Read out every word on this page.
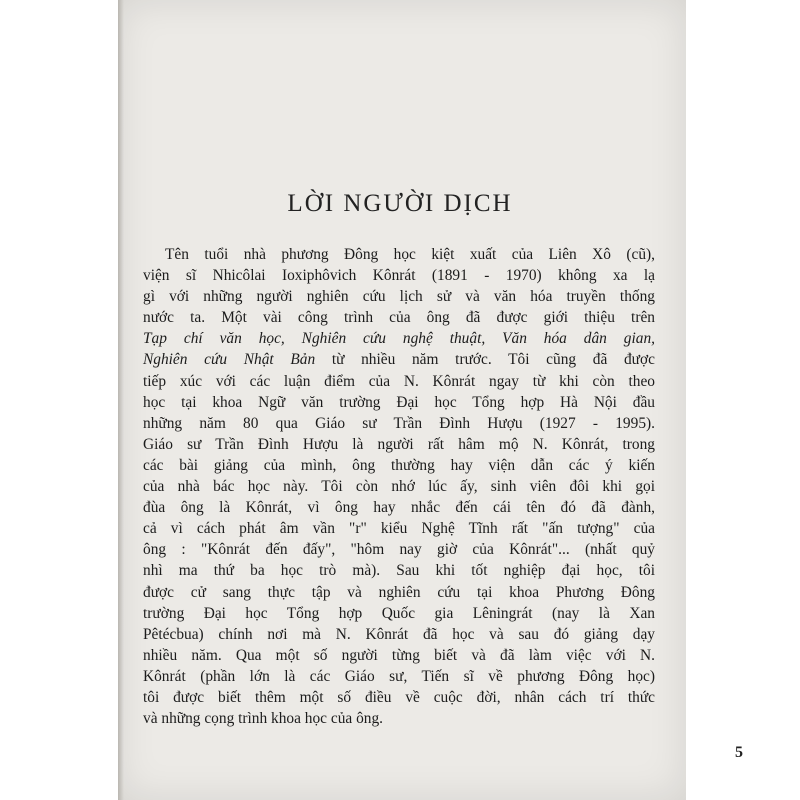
LỜI NGƯỜI DỊCH
Tên tuổi nhà phương Đông học kiệt xuất của Liên Xô (cũ),
viện sĩ Nhicôlai Ioxiphôvich Kônrát (1891 - 1970) không xa lạ
gì với những người nghiên cứu lịch sử và văn hóa truyền thống
nước ta. Một vài công trình của ông đã được giới thiệu trên
Tạp chí văn học, Nghiên cứu nghệ thuật, Văn hóa dân gian,
Nghiên cứu Nhật Bản từ nhiều năm trước. Tôi cũng đã được
tiếp xúc với các luận điểm của N. Kônrát ngay từ khi còn theo
học tại khoa Ngữ văn trường Đại học Tổng hợp Hà Nội đầu
những năm 80 qua Giáo sư Trần Đình Hượu (1927 - 1995).
Giáo sư Trần Đình Hượu là người rất hâm mộ N. Kônrát, trong
các bài giảng của mình, ông thường hay viện dẫn các ý kiến
của nhà bác học này. Tôi còn nhớ lúc ấy, sinh viên đôi khi gọi
đùa ông là Kônrát, vì ông hay nhắc đến cái tên đó đã đành,
cả vì cách phát âm vần "r" kiểu Nghệ Tĩnh rất "ấn tượng" của
ông : "Kônrát đến đấy", "hôm nay giờ của Kônrát"... (nhất quỷ
nhì ma thứ ba học trò mà). Sau khi tốt nghiệp đại học, tôi
được cử sang thực tập và nghiên cứu tại khoa Phương Đông
trường Đại học Tổng hợp Quốc gia Lêningrát (nay là Xan
Pêtécbua) chính nơi mà N. Kônrát đã học và sau đó giảng dạy
nhiều năm. Qua một số người từng biết và đã làm việc với N.
Kônrát (phần lớn là các Giáo sư, Tiến sĩ về phương Đông học)
tôi được biết thêm một số điều về cuộc đời, nhân cách trí thức
và những cọng trình khoa học của ông.
5
